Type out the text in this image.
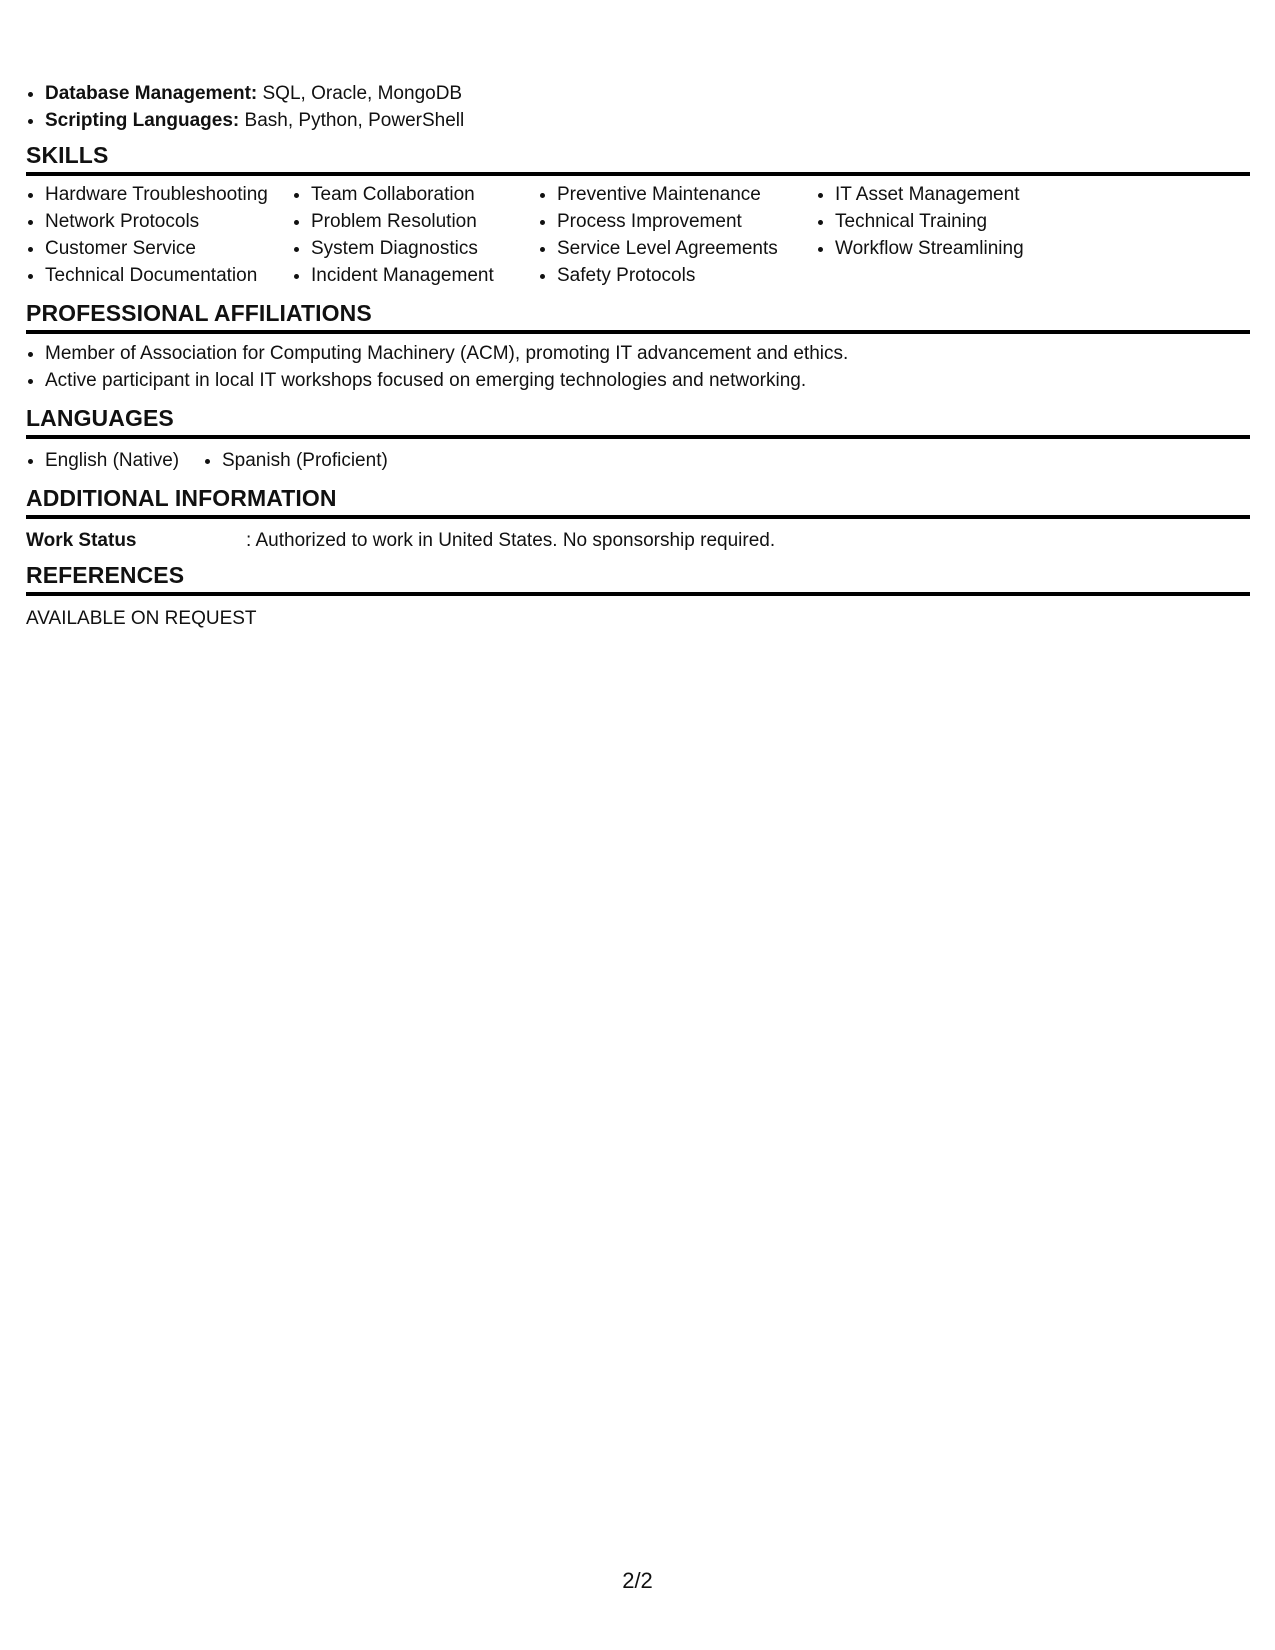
• Database Management: SQL, Oracle, MongoDB
• Scripting Languages: Bash, Python, PowerShell
SKILLS
• Hardware Troubleshooting
• Network Protocols
• Customer Service
• Technical Documentation
• Team Collaboration
• Problem Resolution
• System Diagnostics
• Incident Management
• Preventive Maintenance
• Process Improvement
• Service Level Agreements
• Safety Protocols
• IT Asset Management
• Technical Training
• Workflow Streamlining
PROFESSIONAL AFFILIATIONS
• Member of Association for Computing Machinery (ACM), promoting IT advancement and ethics.
• Active participant in local IT workshops focused on emerging technologies and networking.
LANGUAGES
• English (Native)
•	Spanish (Proficient)
ADDITIONAL INFORMATION
Work Status	: Authorized to work in United States. No sponsorship required.
REFERENCES
AVAILABLE ON REQUEST
2/2
